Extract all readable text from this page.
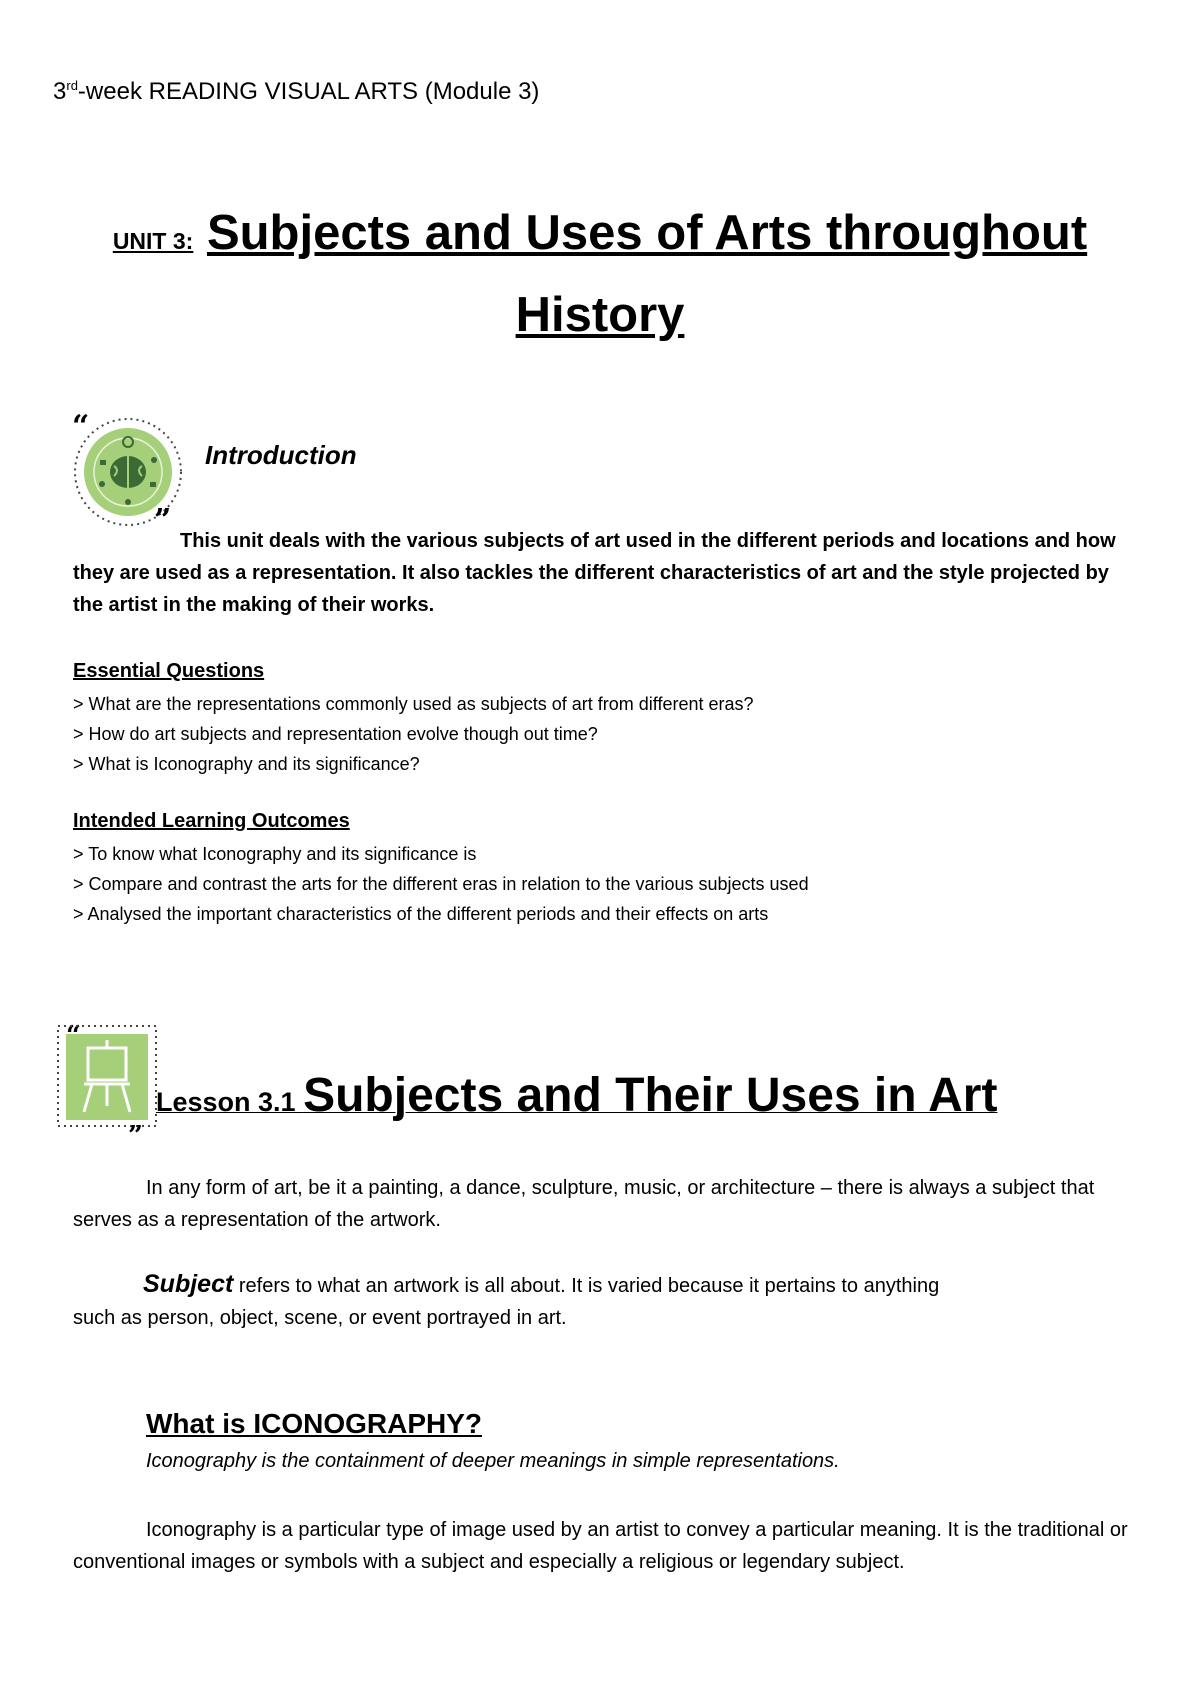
3rd-week READING VISUAL ARTS (Module 3)
UNIT 3: Subjects and Uses of Arts throughout History
“
”
Introduction
This unit deals with the various subjects of art used in the different periods and locations and how they are used as a representation. It also tackles the different characteristics of art and the style projected by the artist in the making of their works.
Essential Questions
> What are the representations commonly used as subjects of art from different eras?
> How do art subjects and representation evolve though out time?
> What is Iconography and its significance?
Intended Learning Outcomes
> To know what Iconography and its significance is
> Compare and contrast the arts for the different eras in relation to the various subjects used
> Analysed the important characteristics of the different periods and their effects on arts
”
Lesson 3.1 Subjects and Their Uses in Art
In any form of art, be it a painting, a dance, sculpture, music, or architecture – there is always a subject that serves as a representation of the artwork.
Subject refers to what an artwork is all about. It is varied because it pertains to anything
such as person, object, scene, or event portrayed in art.
What is ICONOGRAPHY?
Iconography is the containment of deeper meanings in simple representations.
Iconography is a particular type of image used by an artist to convey a particular meaning. It is the traditional or conventional images or symbols with a subject and especially a religious or legendary subject.
